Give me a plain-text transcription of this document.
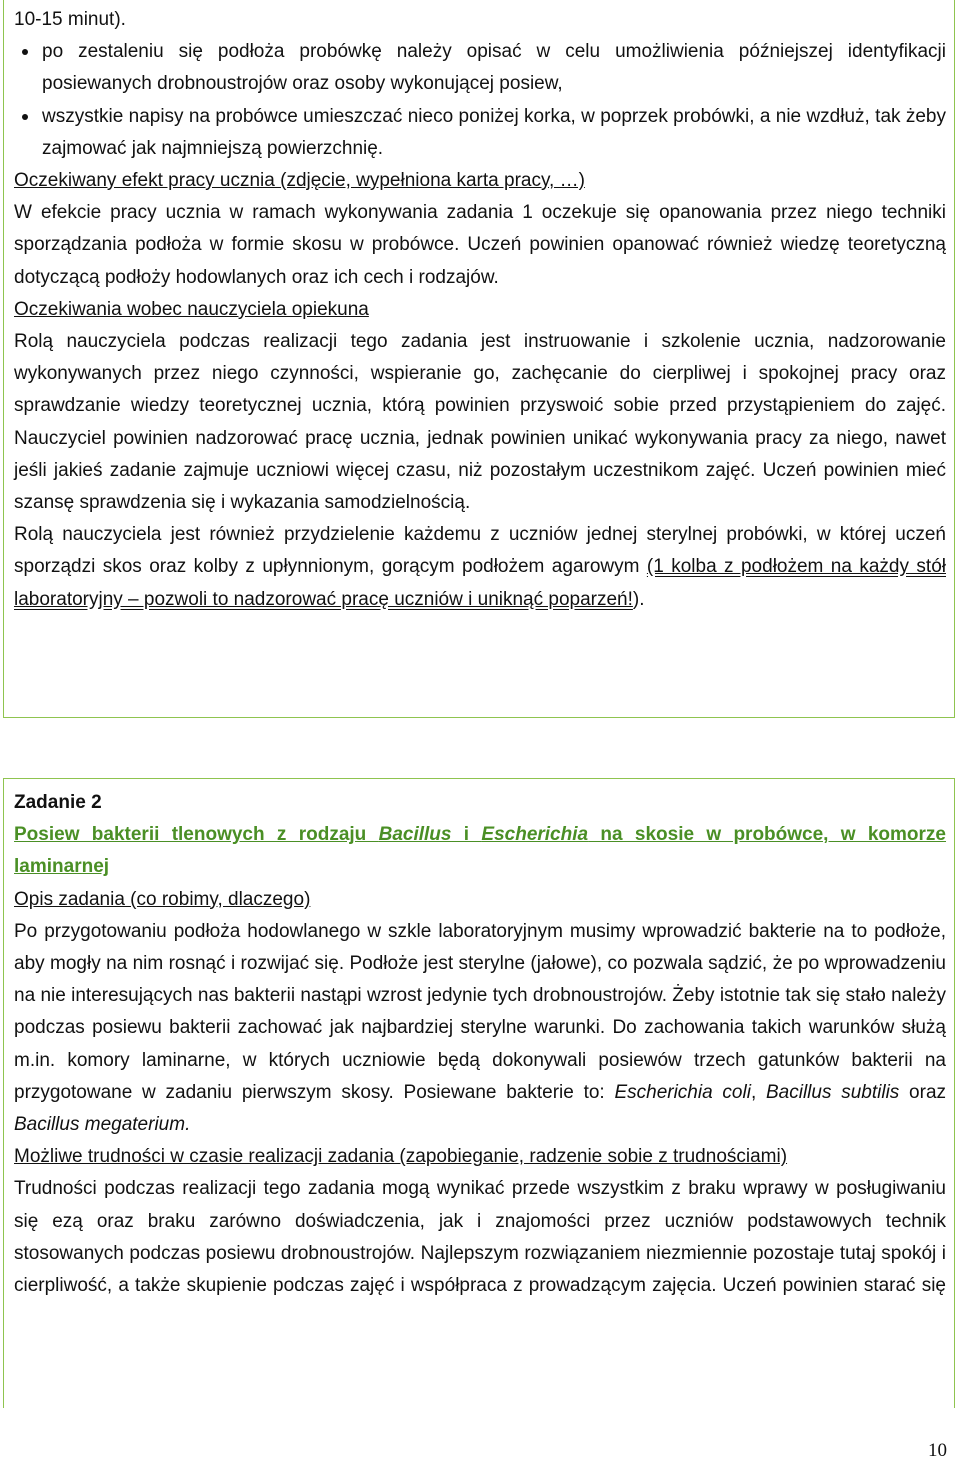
10-15 minut).

po zestaleniu się podłoża probówkę należy opisać w celu umożliwienia późniejszej identyfikacji posiewanych drobnoustrojów oraz osoby wykonującej posiew,
wszystkie napisy na probówce umieszczać nieco poniżej korka, w poprzek probówki, a nie wzdłuż, tak żeby zajmować jak najmniejszą powierzchnię.

Oczekiwany efekt pracy ucznia (zdjęcie, wypełniona karta pracy, …)

W efekcie pracy ucznia w ramach wykonywania zadania 1 oczekuje się opanowania przez niego techniki sporządzania podłoża w formie skosu w probówce. Uczeń powinien opanować również wiedzę teoretyczną dotyczącą podłoży hodowlanych oraz ich cech i rodzajów.

Oczekiwania wobec nauczyciela opiekuna

Rolą nauczyciela podczas realizacji tego zadania jest instruowanie i szkolenie ucznia, nadzorowanie wykonywanych przez niego czynności, wspieranie go, zachęcanie do cierpliwej i spokojnej pracy oraz sprawdzanie wiedzy teoretycznej ucznia, którą powinien przyswoić sobie przed przystąpieniem do zajęć. Nauczyciel powinien nadzorować pracę ucznia, jednak powinien unikać wykonywania pracy za niego, nawet jeśli jakieś zadanie zajmuje uczniowi więcej czasu, niż pozostałym uczestnikom zajęć. Uczeń powinien mieć szansę sprawdzenia się i wykazania samodzielnością.

Rolą nauczyciela jest również przydzielenie każdemu z uczniów jednej sterylnej probówki, w której uczeń sporządzi skos oraz kolby z upłynnionym, gorącym podłożem agarowym (1 kolba z podłożem na każdy stół laboratoryjny – pozwoli to nadzorować pracę uczniów i uniknąć poparzeń!).

Zadanie 2

Posiew bakterii tlenowych z rodzaju Bacillus i Escherichia na skosie w probówce, w komorze laminarnej

Opis zadania (co robimy, dlaczego)

Po przygotowaniu podłoża hodowlanego w szkle laboratoryjnym musimy wprowadzić bakterie na to podłoże, aby mogły na nim rosnąć i rozwijać się. Podłoże jest sterylne (jałowe), co pozwala sądzić, że po wprowadzeniu na nie interesujących nas bakterii nastąpi wzrost jedynie tych drobnoustrojów. Żeby istotnie tak się stało należy podczas posiewu bakterii zachować jak najbardziej sterylne warunki. Do zachowania takich warunków służą m.in. komory laminarne, w których uczniowie będą dokonywali posiewów trzech gatunków bakterii na przygotowane w zadaniu pierwszym skosy. Posiewane bakterie to: Escherichia coli, Bacillus subtilis oraz Bacillus megaterium.

Możliwe trudności w czasie realizacji zadania (zapobieganie, radzenie sobie z trudnościami)

Trudności podczas realizacji tego zadania mogą wynikać przede wszystkim z braku wprawy w posługiwaniu się ezą oraz braku zarówno doświadczenia, jak i znajomości przez uczniów podstawowych technik stosowanych podczas posiewu drobnoustrojów. Najlepszym rozwiązaniem niezmiennie pozostaje tutaj spokój i cierpliwość, a także skupienie podczas zajęć i współpraca z prowadzącym zajęcia. Uczeń powinien starać się

10
